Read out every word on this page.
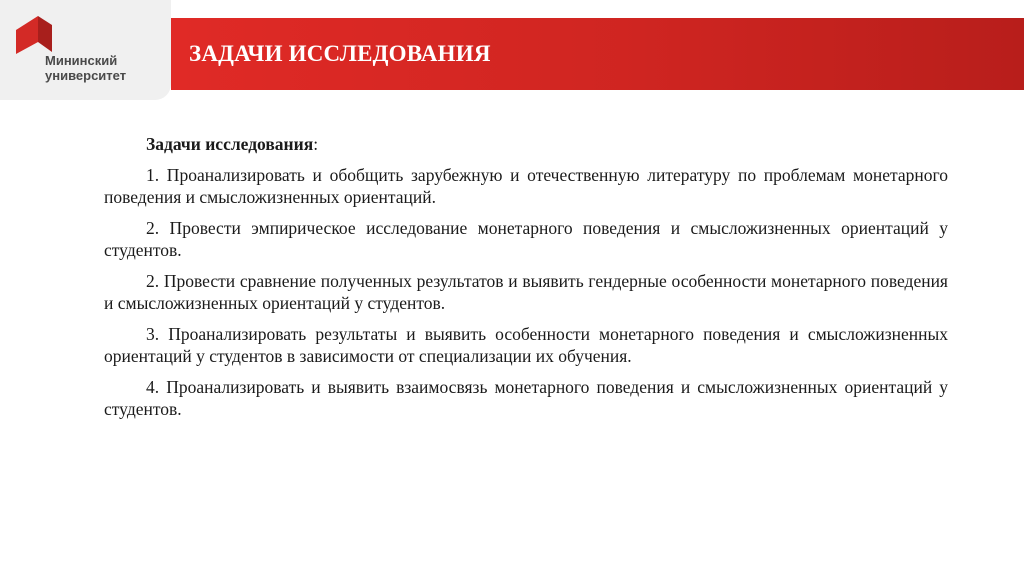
Мининский
университет
ЗАДАЧИ ИССЛЕДОВАНИЯ

Задачи исследования:

1. Проанализировать и обобщить зарубежную и отечественную литературу по проблемам монетарного поведения и смысложизненных ориентаций.

2. Провести эмпирическое исследование монетарного поведения и смысложизненных ориентаций у студентов.

2. Провести сравнение полученных результатов и выявить гендерные особенности монетарного поведения и смысложизненных ориентаций у студентов.

3. Проанализировать результаты и выявить особенности монетарного поведения и смысложизненных ориентаций у студентов в зависимости от специализации их обучения.

4. Проанализировать и выявить взаимосвязь монетарного поведения и смысложизненных ориентаций у студентов.
